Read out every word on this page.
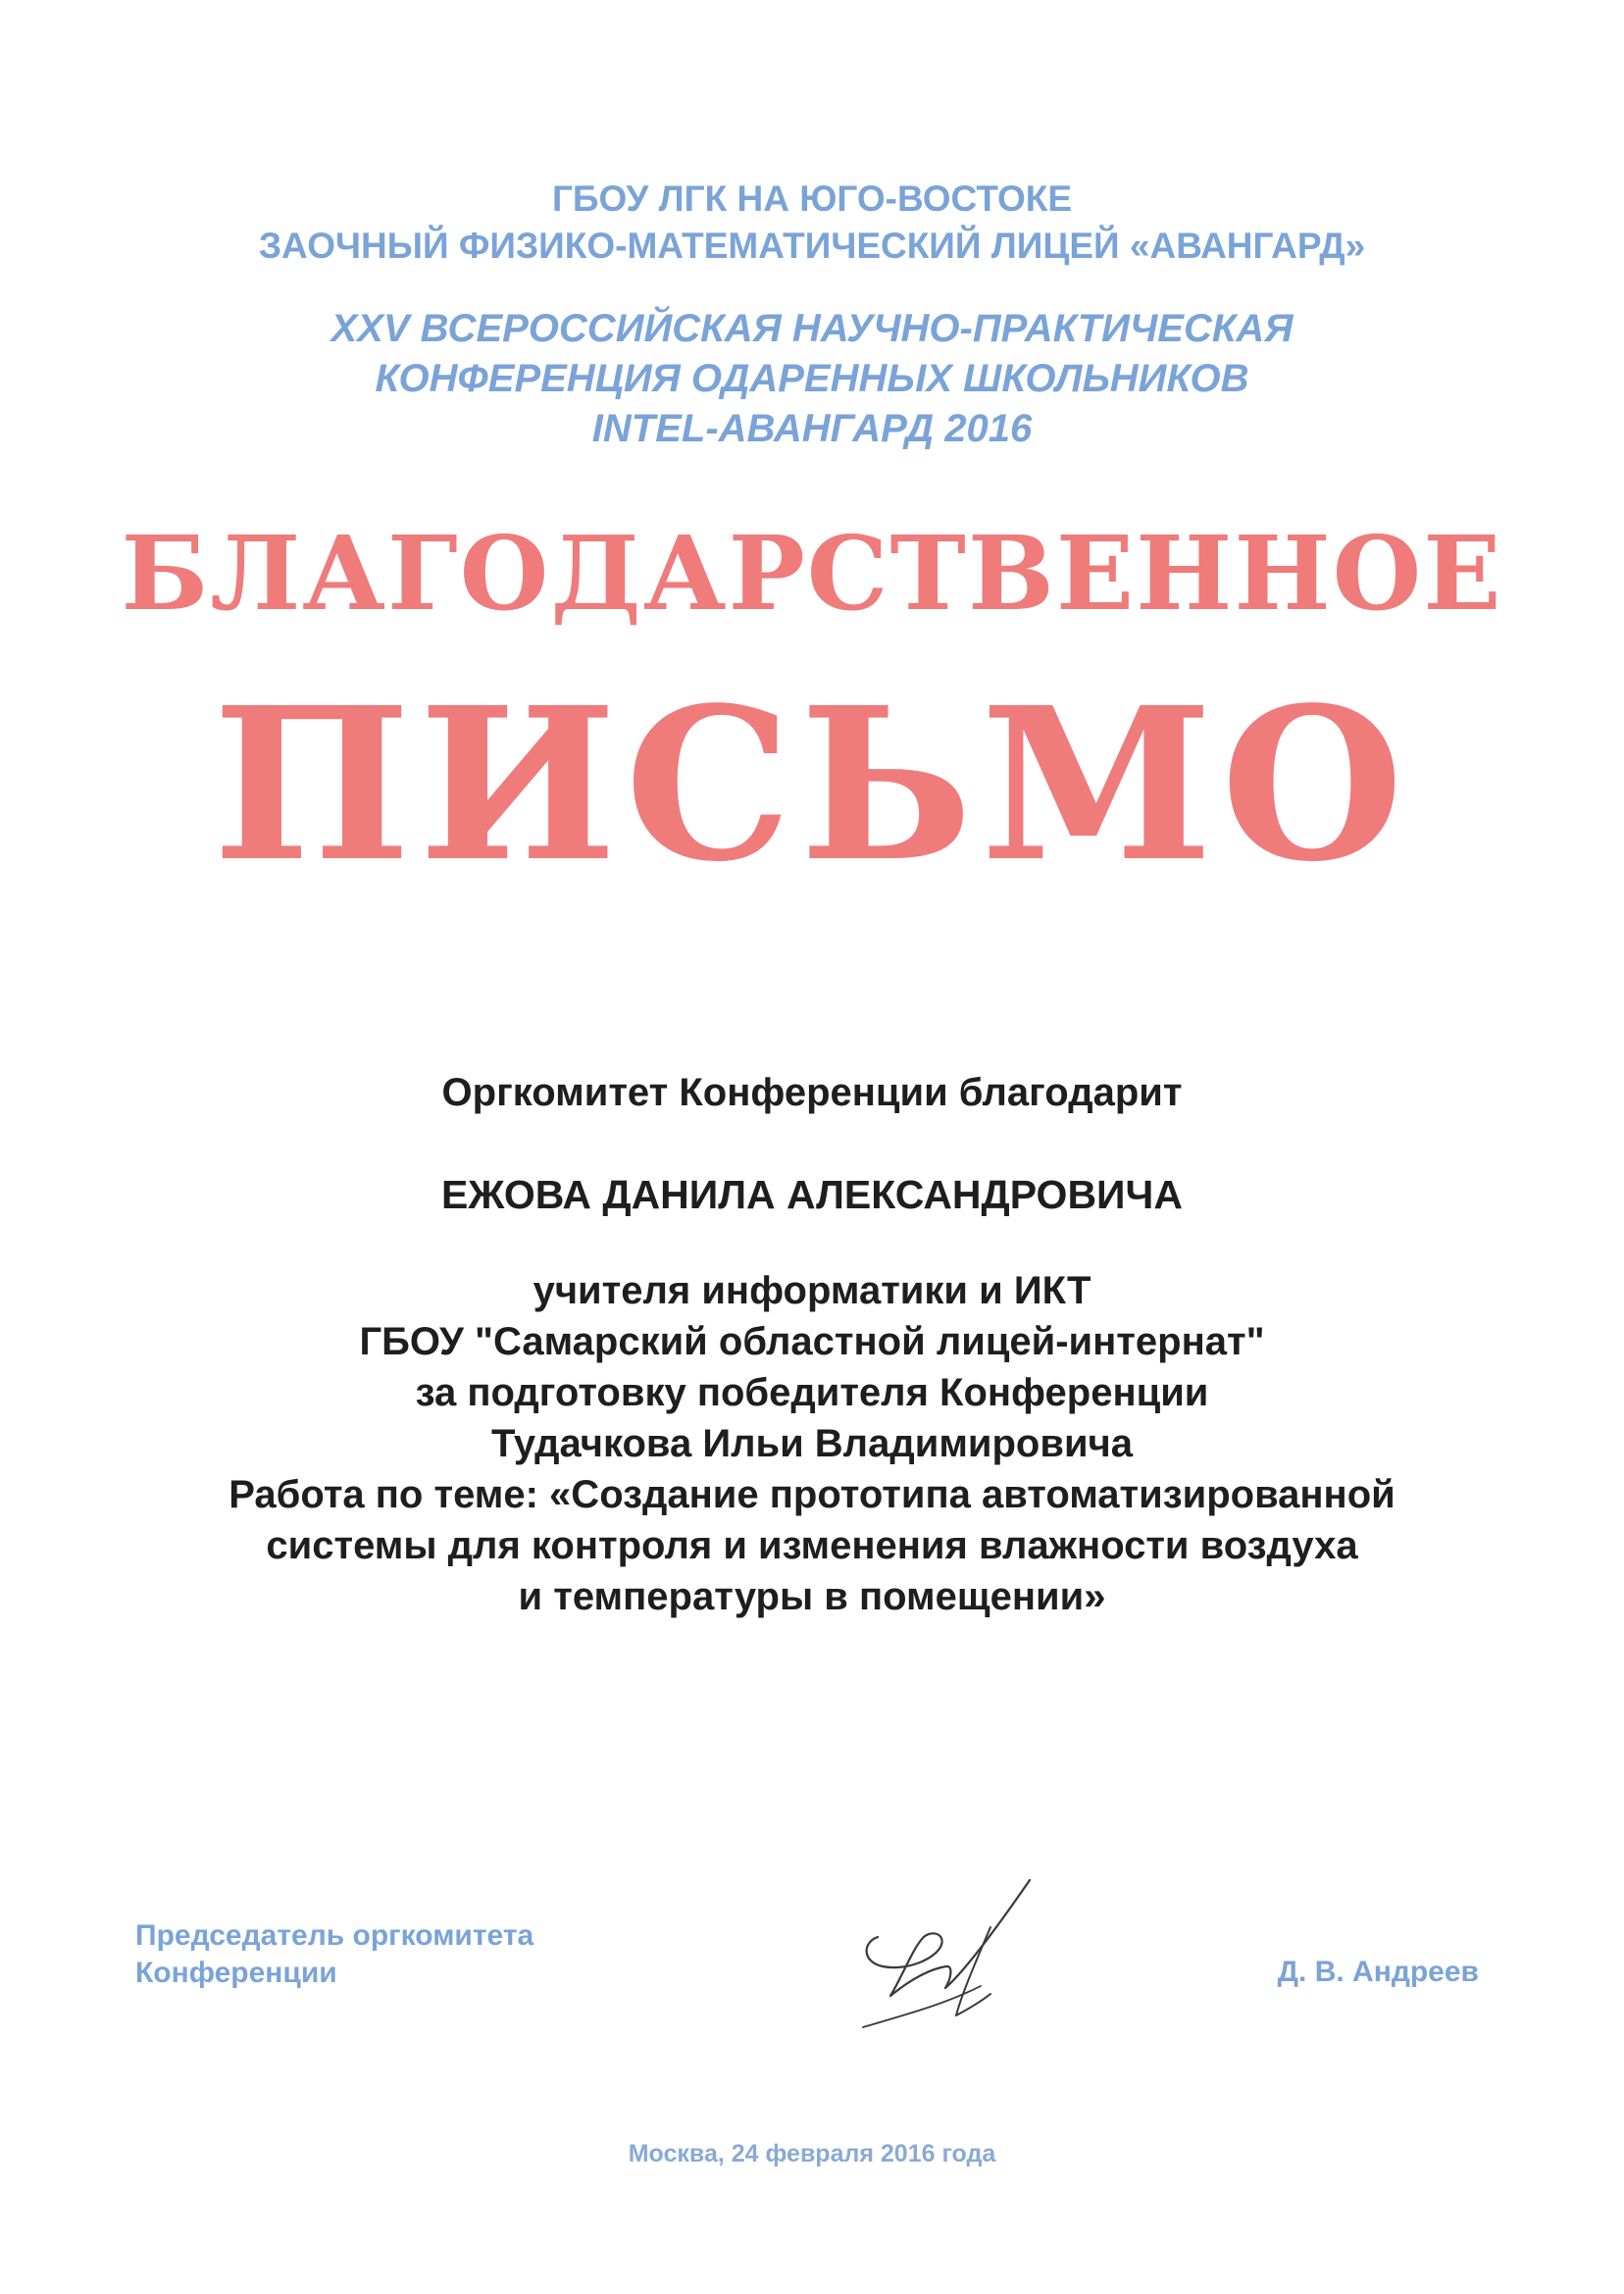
ГБОУ ЛГК НА ЮГО-ВОСТОКЕ
ЗАОЧНЫЙ ФИЗИКО-МАТЕМАТИЧЕСКИЙ ЛИЦЕЙ «АВАНГАРД»
XXV ВСЕРОССИЙСКАЯ НАУЧНО-ПРАКТИЧЕСКАЯ
КОНФЕРЕНЦИЯ ОДАРЕННЫХ ШКОЛЬНИКОВ
INTEL-АВАНГАРД 2016
БЛАГОДАРСТВЕННОЕ
ПИСЬМО
Оргкомитет Конференции благодарит
ЕЖОВА ДАНИЛА АЛЕКСАНДРОВИЧА
учителя информатики и ИКТ
ГБОУ "Самарский областной лицей-интернат"
за подготовку победителя Конференции
Тудачкова Ильи Владимировича
Работа по теме: «Создание прототипа автоматизированной
системы для контроля и изменения влажности воздуха
и температуры в помещении»
Председатель оргкомитета
Конференции	Д. В. Андреев
Москва, 24 февраля 2016 года
